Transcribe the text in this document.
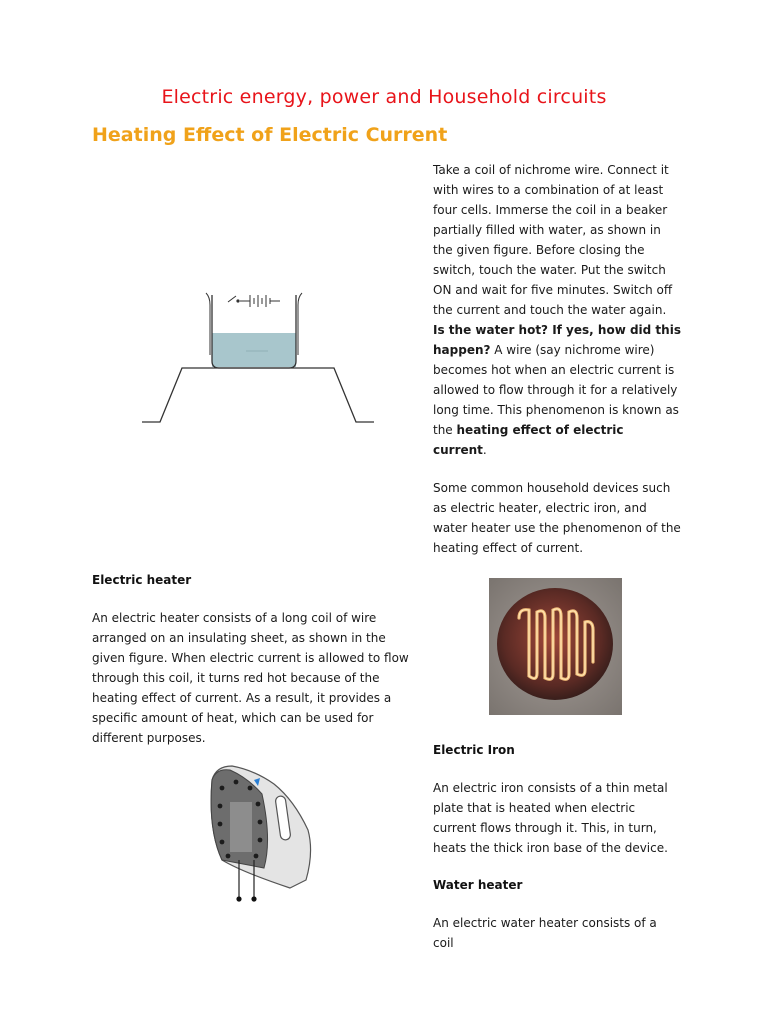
Electric energy, power and Household circuits
Heating Effect of Electric Current
Take a coil of nichrome wire. Connect it with wires to a combination of at least four cells. Immerse the coil in a beaker partially filled with water, as shown in the given figure. Before closing the switch, touch the water. Put the switch ON and wait for five minutes. Switch off the current and touch the water again. Is the water hot? If yes, how did this happen? A wire (say nichrome wire) becomes hot when an electric current is allowed to flow through it for a relatively long time. This phenomenon is known as the heating effect of electric current.
Some common household devices such as electric heater, electric iron, and water heater use the phenomenon of the heating effect of current.
Electric heater
An electric heater consists of a long coil of wire arranged on an insulating sheet, as shown in the given figure. When electric current is allowed to flow through this coil, it turns red hot because of the heating effect of current. As a result, it provides a specific amount of heat, which can be used for different purposes.
Electric Iron
An electric iron consists of a thin metal plate that is heated when electric current flows through it. This, in turn, heats the thick iron base of the device.
Water heater
An electric water heater consists of a coil
